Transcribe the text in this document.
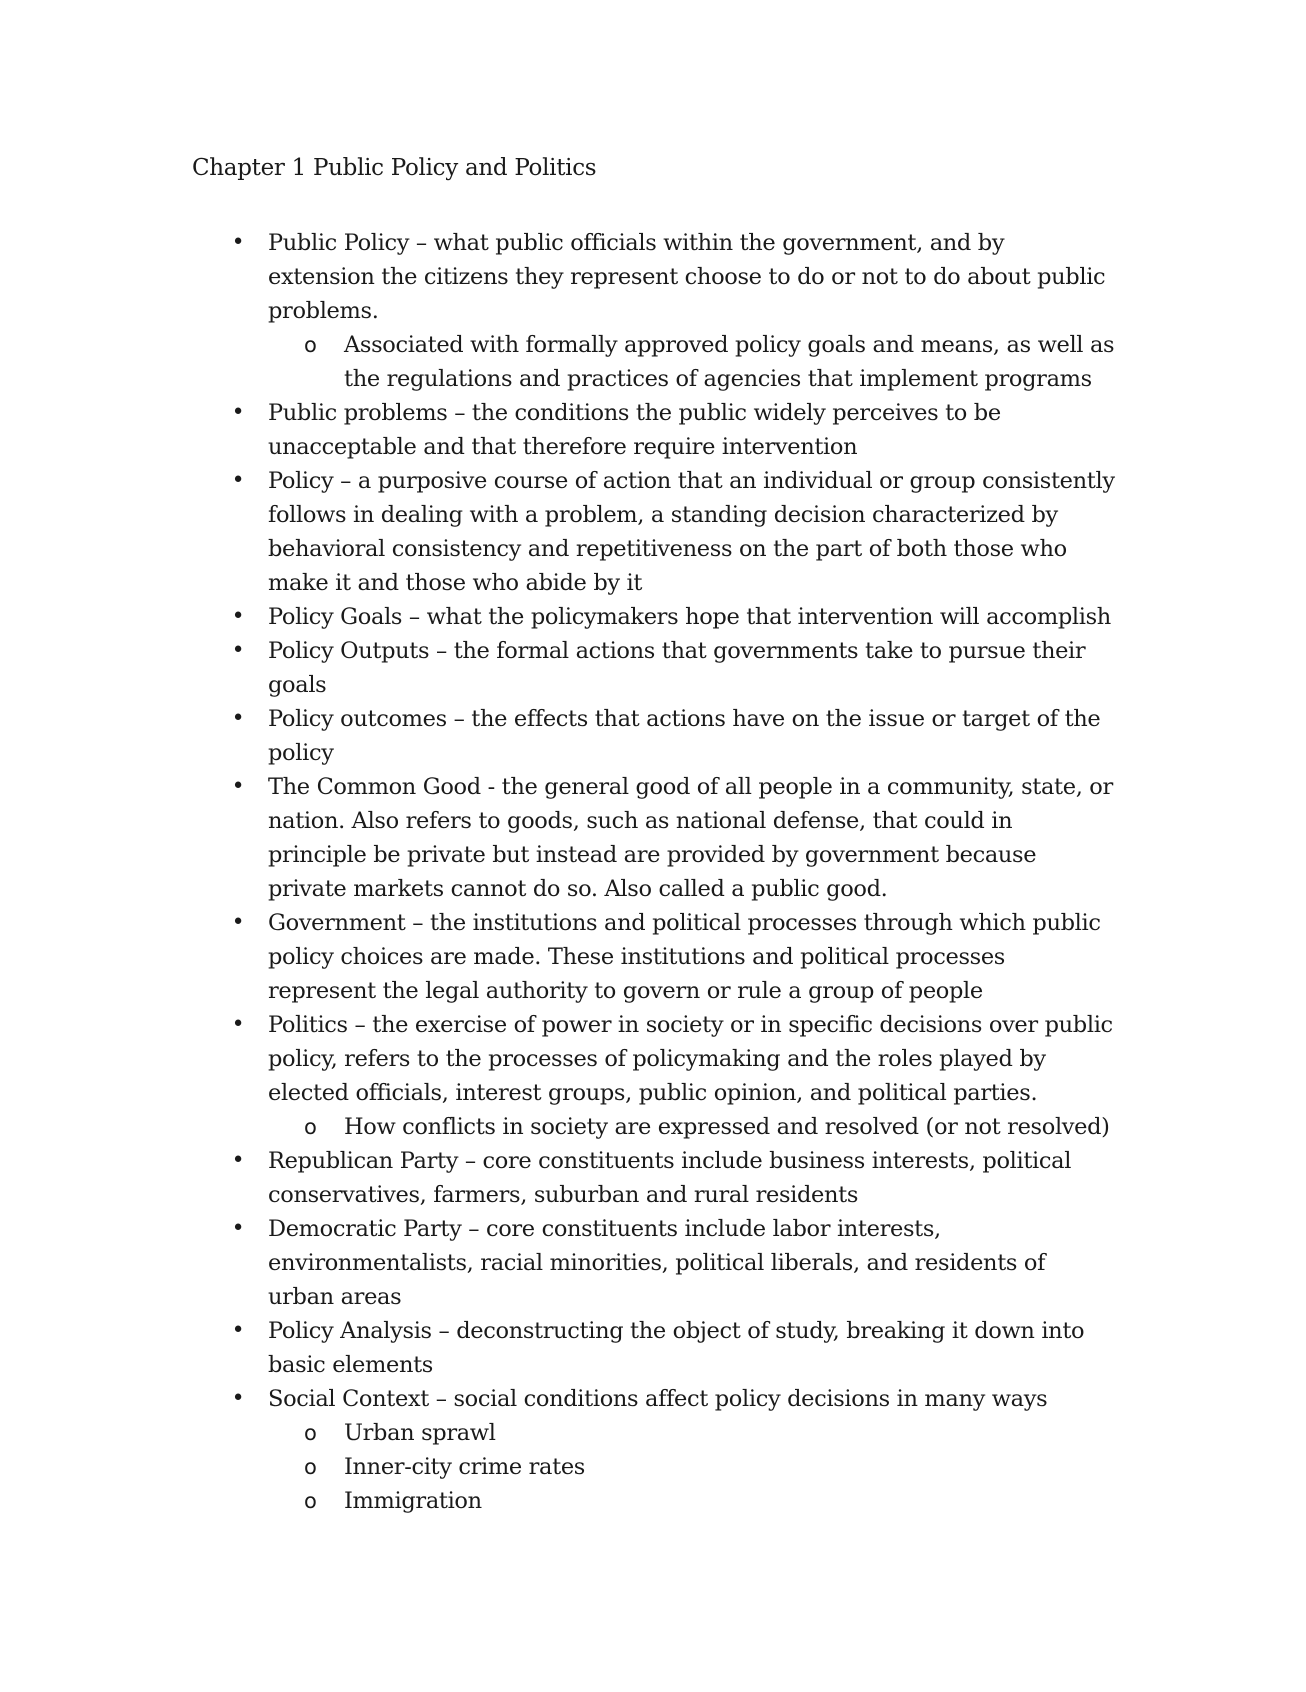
Chapter 1 Public Policy and Politics
• Public Policy – what public officials within the government, and by extension the citizens they represent choose to do or not to do about public problems.
o Associated with formally approved policy goals and means, as well as the regulations and practices of agencies that implement programs
• Public problems – the conditions the public widely perceives to be unacceptable and that therefore require intervention
• Policy – a purposive course of action that an individual or group consistently follows in dealing with a problem, a standing decision characterized by behavioral consistency and repetitiveness on the part of both those who make it and those who abide by it
• Policy Goals – what the policymakers hope that intervention will accomplish
• Policy Outputs – the formal actions that governments take to pursue their goals
• Policy outcomes – the effects that actions have on the issue or target of the policy
• The Common Good - the general good of all people in a community, state, or nation. Also refers to goods, such as national defense, that could in principle be private but instead are provided by government because private markets cannot do so. Also called a public good.
• Government – the institutions and political processes through which public policy choices are made. These institutions and political processes represent the legal authority to govern or rule a group of people
• Politics – the exercise of power in society or in specific decisions over public policy, refers to the processes of policymaking and the roles played by elected officials, interest groups, public opinion, and political parties.
o How conflicts in society are expressed and resolved (or not resolved)
• Republican Party – core constituents include business interests, political conservatives, farmers, suburban and rural residents
• Democratic Party – core constituents include labor interests, environmentalists, racial minorities, political liberals, and residents of urban areas
• Policy Analysis – deconstructing the object of study, breaking it down into basic elements
• Social Context – social conditions affect policy decisions in many ways
o Urban sprawl
o Inner-city crime rates
o Immigration
